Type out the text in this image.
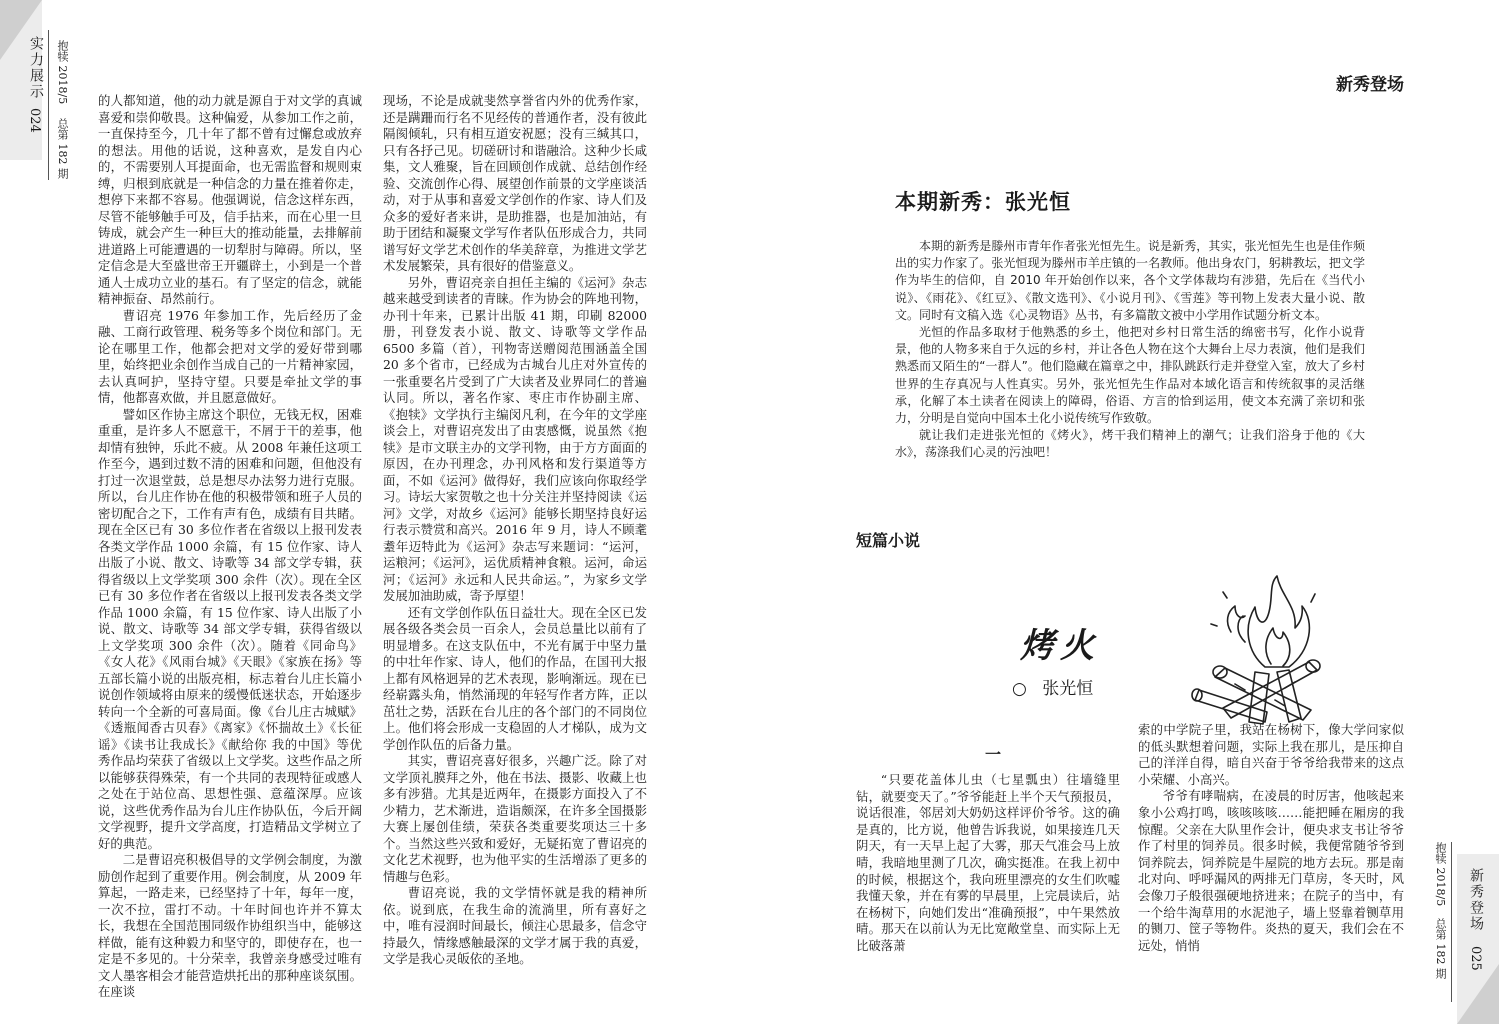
实力展示
024
抱犊 2018/5
总第 182 期

的人都知道，他的动力就是源自于对文学的真诚喜爱和崇仰敬畏。这种偏爱，从参加工作之前，一直保持至今，几十年了都不曾有过懈怠或放弃的想法。用他的话说，这种喜欢，是发自内心的，不需要别人耳提面命，也无需监督和规则束缚，归根到底就是一种信念的力量在推着你走，想停下来都不容易。他强调说，信念这样东西，尽管不能够触手可及，信手拈来，而在心里一旦铸成，就会产生一种巨大的推动能量，去排解前进道路上可能遭遇的一切犁肘与障碍。所以，坚定信念是大至盛世帝王开疆辟土，小到是一个普通人士成功立业的基石。有了坚定的信念，就能精神振奋、昂然前行。

曹诏亮 1976 年参加工作，先后经历了金融、工商行政管理、税务等多个岗位和部门。无论在哪里工作，他都会把对文学的爱好带到哪里，始终把业余创作当成自己的一片精神家园，去认真呵护，坚持守望。只要是牵扯文学的事情，他都喜欢做，并且愿意做好。

譬如区作协主席这个职位，无钱无权，困难重重，是许多人不愿意干，不屑于干的差事，他却情有独钟，乐此不疲。从 2008 年兼任这项工作至今，遇到过数不清的困难和问题，但他没有打过一次退堂鼓，总是想尽办法努力进行克服。所以，台儿庄作协在他的积极带领和班子人员的密切配合之下，工作有声有色，成绩有目共睹。现在全区已有 30 多位作者在省级以上报刊发表各类文学作品 1000 余篇，有 15 位作家、诗人出版了小说、散文、诗歌等 34 部文学专辑，获得省级以上文学奖项 300 余件（次）。现在全区已有 30 多位作者在省级以上报刊发表各类文学作品 1000 余篇，有 15 位作家、诗人出版了小说、散文、诗歌等 34 部文学专辑，获得省级以上文学奖项 300 余件（次）。随着《同命鸟》《女人花》《风雨台城》《天眼》《家族在扬》等五部长篇小说的出版亮相，标志着台儿庄长篇小说创作领域将由原来的缓慢低迷状态，开始逐步转向一个全新的可喜局面。像《台儿庄古城赋》《透瓶闻香古贝春》《离家》《怀揣故土》《长征谣》《读书让我成长》《献给你 我的中国》等优秀作品均荣获了省级以上文学奖。这些作品之所以能够获得殊荣，有一个共同的表现特征或感人之处在于站位高、思想性强、意蕴深厚。应该说，这些优秀作品为台儿庄作协队伍，今后开阔文学视野，提升文学高度，打造精品文学树立了好的典范。

二是曹诏亮积极倡导的文学例会制度，为激励创作起到了重要作用。例会制度，从 2009 年算起，一路走来，已经坚持了十年，每年一度，一次不拉，雷打不动。十年时间也许并不算太长，我想在全国范围同级作协组织当中，能够这样做，能有这种毅力和坚守的，即使存在，也一定是不多见的。十分荣幸，我曾亲身感受过唯有文人墨客相会才能营造烘托出的那种座谈氛围。在座谈

现场，不论是成就斐然享誉省内外的优秀作家，还是蹒跚而行名不见经传的普通作者，没有彼此隔阂倾轧，只有相互道安祝愿；没有三缄其口，只有各抒己见。切磋研讨和谐融洽。这种少长咸集，文人雅聚，旨在回顾创作成就、总结创作经验、交流创作心得、展望创作前景的文学座谈活动，对于从事和喜爱文学创作的作家、诗人们及众多的爱好者来讲，是助推器，也是加油站，有助于团结和凝聚文学写作者队伍形成合力，共同谱写好文学艺术创作的华美辞章，为推进文学艺术发展繁荣，具有很好的借鉴意义。

另外，曹诏亮亲自担任主编的《运河》杂志越来越受到读者的青睐。作为协会的阵地刊物，办刊十年来，已累计出版 41 期，印刷 82000 册，刊登发表小说、散文、诗歌等文学作品 6500 多篇（首），刊物寄送赠阅范围涵盖全国 20 多个省市，已经成为古城台儿庄对外宣传的一张重要名片受到了广大读者及业界同仁的普遍认同。所以，著名作家、枣庄市作协副主席、《抱犊》文学执行主编闵凡利，在今年的文学座谈会上，对曹诏亮发出了由衷感慨，说虽然《抱犊》是市文联主办的文学刊物，由于方方面面的原因，在办刊理念，办刊风格和发行渠道等方面，不如《运河》做得好，我们应该向你取经学习。诗坛大家贺敬之也十分关注并坚持阅读《运河》文学，对故乡《运河》能够长期坚持良好运行表示赞赏和高兴。2016 年 9 月，诗人不顾耄耋年迈特此为《运河》杂志写来题词：“运河，运粮河；《运河》，运优质精神食粮。运河，命运河；《运河》永远和人民共命运。”，为家乡文学发展加油助威，寄予厚望！

还有文学创作队伍日益壮大。现在全区已发展各级各类会员一百余人，会员总量比以前有了明显增多。在这支队伍中，不光有属于中坚力量的中壮年作家、诗人，他们的作品，在国刊大报上都有风格迥异的艺术表现，影响渐远。现在已经崭露头角，悄然涌现的年轻写作者方阵，正以茁壮之势，活跃在台儿庄的各个部门的不同岗位上。他们将会形成一支稳固的人才梯队，成为文学创作队伍的后备力量。

其实，曹诏亮喜好很多，兴趣广泛。除了对文学顶礼膜拜之外，他在书法、摄影、收藏上也多有涉猎。尤其是近两年，在摄影方面投入了不少精力，艺术渐进，造诣颇深，在许多全国摄影大赛上屡创佳绩，荣获各类重要奖项达三十多个。当然这些兴致和爱好，无疑拓宽了曹诏亮的文化艺术视野，也为他平实的生活增添了更多的情趣与色彩。

曹诏亮说，我的文学情怀就是我的精神所依。说到底，在我生命的流淌里，所有喜好之中，唯有浸润时间最长，倾注心思最多，信念守持最久，情缘感触最深的文学才属于我的真爱，文学是我心灵皈依的圣地。

新秀登场
本期新秀：张光恒

本期的新秀是滕州市青年作者张光恒先生。说是新秀，其实，张光恒先生也是佳作频出的实力作家了。张光恒现为滕州市羊庄镇的一名教师。他出身农门，躬耕教坛，把文学作为毕生的信仰，自 2010 年开始创作以来，各个文学体裁均有涉猎，先后在《当代小说》、《雨花》、《红豆》、《散文选刊》、《小说月刊》、《雪莲》等刊物上发表大量小说、散文。同时有文稿入选《心灵物语》丛书，有多篇散文被中小学用作试题分析文本。

光恒的作品多取材于他熟悉的乡土，他把对乡村日常生活的绵密书写，化作小说背景，他的人物多来自于久远的乡村，并让各色人物在这个大舞台上尽力表演，他们是我们熟悉而又陌生的“一群人”。他们隐藏在篇章之中，排队跳跃行走并登堂入室，放大了乡村世界的生存真况与人性真实。另外，张光恒先生作品对本域化语言和传统叙事的灵活继承，化解了本土读者在阅读上的障碍，俗语、方言的恰到运用，使文本充满了亲切和张力，分明是自觉向中国本土化小说传统写作致敬。

就让我们走进张光恒的《烤火》，烤干我们精神上的潮气；让我们浴身于他的《大水》，荡涤我们心灵的污浊吧！

短篇小说
烤火
○ 张光恒
一

“只要花盖体儿虫（七星瓢虫）往墙缝里钻，就要变天了。”爷爷能赶上半个天气预报员，说话很准，邻居刘大奶奶这样评价爷爷。这的确是真的，比方说，他曾告诉我说，如果接连几天阴天，有一天早上起了大雾，那天气准会马上放晴，我暗地里测了几次，确实挺准。在我上初中的时候，根据这个，我向班里漂亮的女生们吹嘘我懂天象，并在有雾的早晨里，上完晨读后，站在杨树下，向她们发出“准确预报”，中午果然放晴。那天在以前认为无比宽敞堂皇、而实际上无比破落萧

索的中学院子里，我站在杨树下，像大学问家似的低头默想着问题，实际上我在那儿，是压抑自己的洋洋自得，暗自兴奋于爷爷给我带来的这点小荣耀、小高兴。

爷爷有哮喘病，在凌晨的时厉害，他咳起来象小公鸡打鸣，咳咳咳咳……能把睡在厢房的我惊醒。父亲在大队里作会计，便央求支书让爷爷作了村里的饲养员。很多时候，我便常随爷爷到饲养院去，饲养院是牛屋院的地方去玩。那是南北对向、呼呼漏风的两排无门草房，冬天时，风会像刀子般很强硬地挤进来；在院子的当中，有一个给牛淘草用的水泥池子，墙上竖靠着铡草用的铡刀、筐子等物件。炎热的夏天，我们会在不远处，悄悄

抱犊 2018/5
总第 182 期
新秀登场
025
